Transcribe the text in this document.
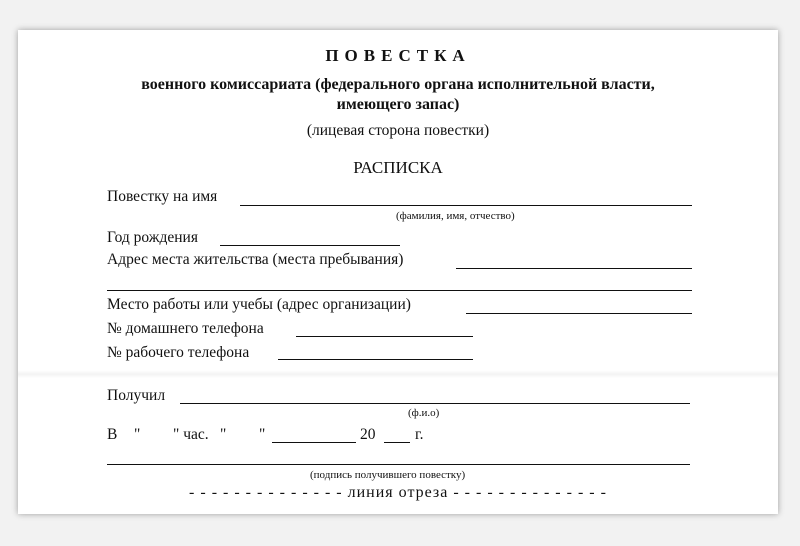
ПОВЕСТКА
военного комиссариата (федерального органа исполнительной власти,
имеющего запас)
(лицевая сторона повестки)
РАСПИСКА
Повестку на имя
(фамилия, имя, отчество)
Год рождения
Адрес места жительства (места пребывания)
Место работы или учебы (адрес организации)
№ домашнего телефона
№ рабочего телефона
Получил
(ф.и.о)
В " " час. " "	20	г.
(подпись получившего повестку)
- - - - - - - - - - - - - - линия отреза - - - - - - - - - - - - - -
